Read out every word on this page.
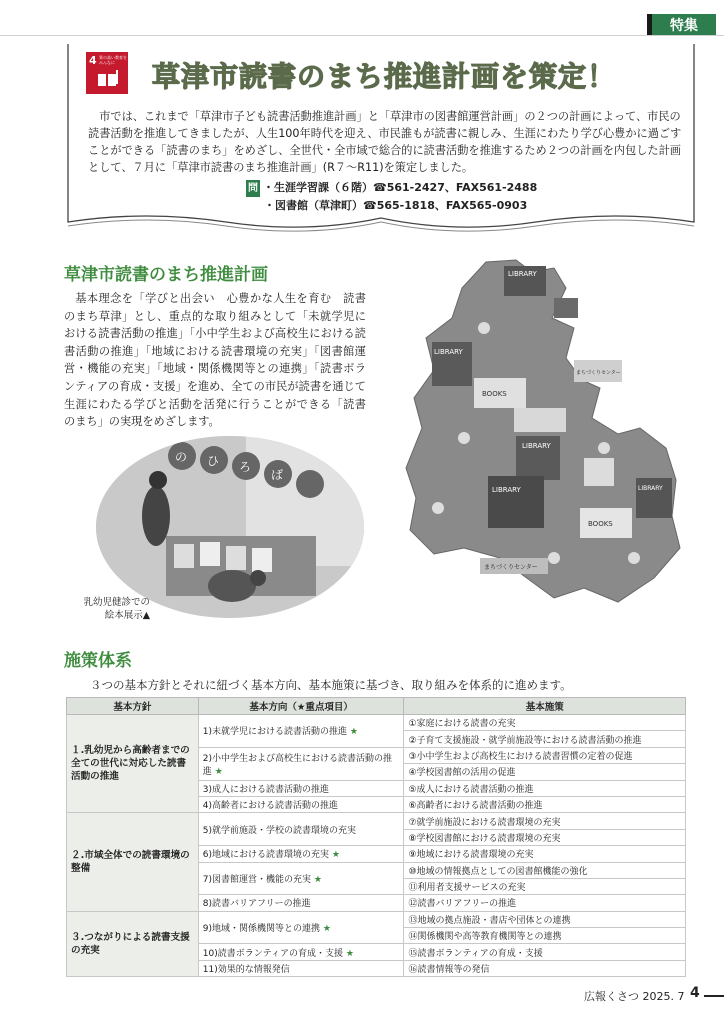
特集
4 質の高い教育をみんなに	草津市読書のまち推進計画を策定！

市では、これまで「草津市子ども読書活動推進計画」と「草津市の図書館運営計画」の２つの計画によって、市民の読書活動を推進してきましたが、人生100年時代を迎え、市民誰もが読書に親しみ、生涯にわたり学び心豊かに過ごすことができる「読書のまち」をめざし、全世代・全市域で総合的に読書活動を推進するため２つの計画を内包した計画として、７月に「草津市読書のまち推進計画」(R７～R11)を策定しました。

問 ・生涯学習課（６階）☎561-2427、FAX561-2488
・図書館（草津町）☎565-1818、FAX565-0903
草津市読書のまち推進計画
基本理念を「学びと出会い　心豊かな人生を育む　読書のまち草津」とし、重点的な取り組みとして「未就学児における読書活動の推進」「小中学生および高校生における読書活動の推進」「地域における読書環境の充実」「図書館運営・機能の充実」「地域・関係機関等との連携」「読書ボランティアの育成・支援」を進め、全ての市民が読書を通じて生涯にわたる学びと活動を活発に行うことができる「読書のまち」の実現をめざします。
LIBRARY
LIBRARY
BOOKS
LIBRARY
LIBRARY
BOOKS
LIBRARY
まちづくりセンター
まちづくりセンター
の ひ ろ
ば
乳幼児健診での
絵本展示▲
施策体系
３つの基本方針とそれに紐づく基本方向、基本施策に基づき、取り組みを体系的に進めます。
基本方針	基本方向（★重点項目）	基本施策
１.乳幼児から高齢者までの全ての世代に対応した読書活動の推進	1)未就学児における読書活動の推進 ★	①家庭における読書の充実
		②子育て支援施設・就学前施設等における読書活動の推進
	2)小中学生および高校生における読書活動の推進 ★	③小中学生および高校生における読書習慣の定着の促進
		④学校図書館の活用の促進
	3)成人における読書活動の推進	⑤成人における読書活動の推進
	4)高齢者における読書活動の推進	⑥高齢者における読書活動の推進
２.市域全体での読書環境の整備	5)就学前施設・学校の読書環境の充実	⑦就学前施設における読書環境の充実
		⑧学校図書館における読書環境の充実
	6)地域における読書環境の充実 ★	⑨地域における読書環境の充実
	7)図書館運営・機能の充実 ★	⑩地域の情報拠点としての図書館機能の強化
		⑪利用者支援サービスの充実
	8)読書バリアフリーの推進	⑫読書バリアフリーの推進
３.つながりによる読書支援の充実	9)地域・関係機関等との連携 ★	⑬地域の拠点施設・書店や団体との連携
		⑭関係機関や高等教育機関等との連携
	10)読書ボランティアの育成・支援 ★	⑮読書ボランティアの育成・支援
	11)効果的な情報発信	⑯読書情報等の発信
広報くさつ 2025. 7 4
